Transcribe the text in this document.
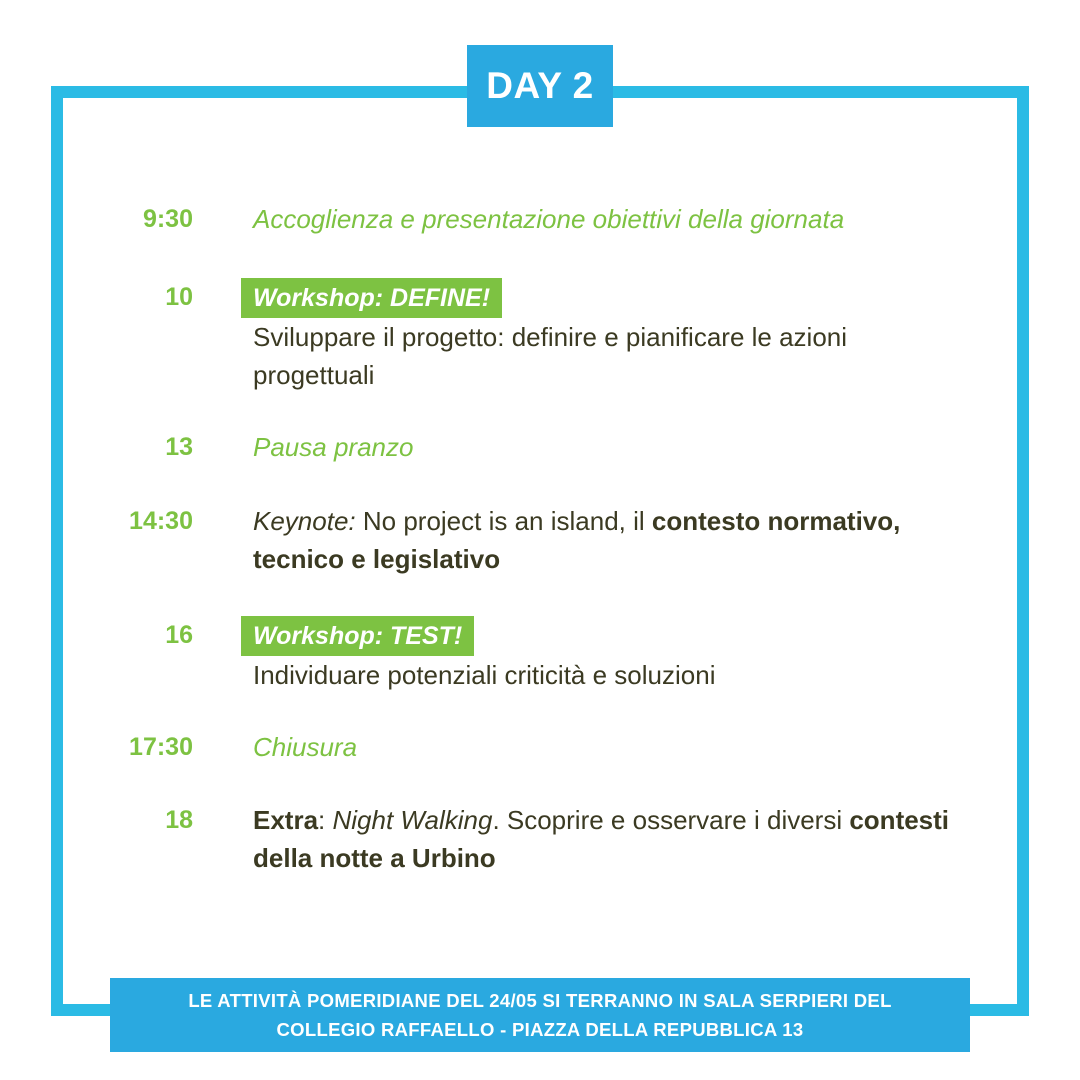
DAY 2
9:30 Accoglienza e presentazione obiettivi della giornata
10 Workshop: DEFINE!
Sviluppare il progetto: definire e pianificare le azioni progettuali
13 Pausa pranzo
14:30 Keynote: No project is an island, il contesto normativo, tecnico e legislativo
16 Workshop: TEST!
Individuare potenziali criticità e soluzioni
17:30 Chiusura
18 Extra: Night Walking. Scoprire e osservare i diversi contesti della notte a Urbino
LE ATTIVITÀ POMERIDIANE DEL 24/05 SI TERRANNO IN SALA SERPIERI DEL
COLLEGIO RAFFAELLO - PIAZZA DELLA REPUBBLICA 13
